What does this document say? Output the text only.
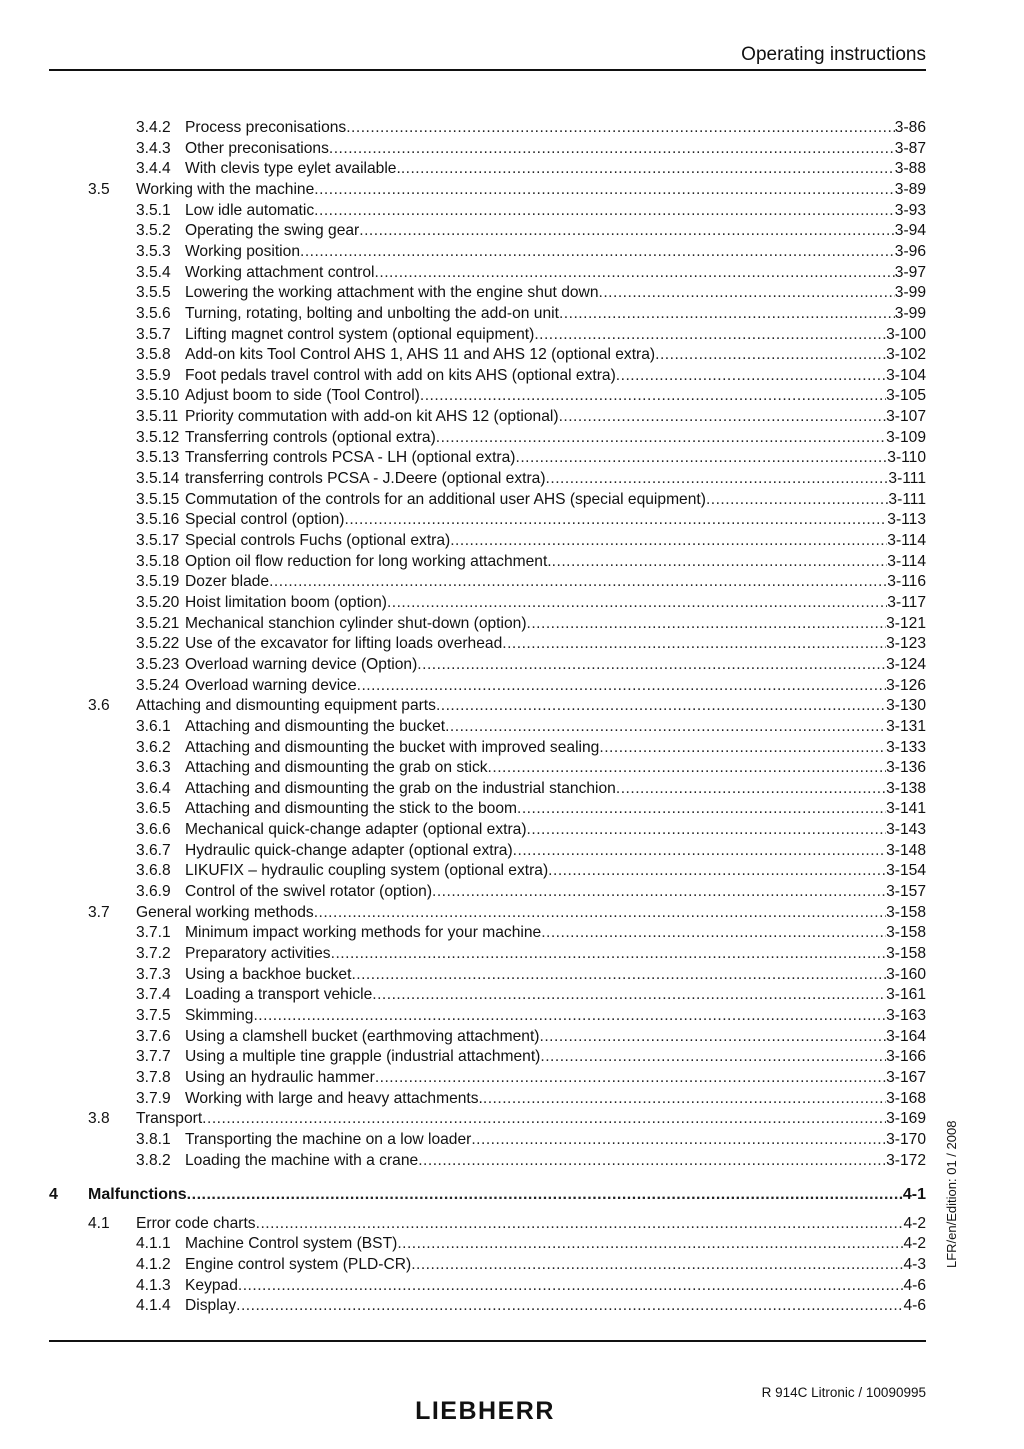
Operating instructions
3.4.2 Process preconisations .....	3-86
3.4.3 Other preconisations .....	3-87
3.4.4 With clevis type eylet available. .....	3-88
3.5 Working with the machine .....	3-89
3.5.1 Low idle automatic .....	3-93
3.5.2 Operating the swing gear .....	3-94
3.5.3 Working position .....	3-96
3.5.4 Working attachment control .....	3-97
3.5.5 Lowering the working attachment with the engine shut down .....	3-99
3.5.6 Turning, rotating, bolting and unbolting the add-on unit .....	3-99
3.5.7 Lifting magnet control system (optional equipment) .....	3-100
3.5.8 Add-on kits Tool Control AHS 1, AHS 11 and AHS 12 (optional extra) .....	3-102
3.5.9 Foot pedals travel control with add on kits AHS (optional extra) .....	3-104
3.5.10 Adjust boom to side (Tool Control) .....	3-105
3.5.11 Priority commutation with add-on kit AHS 12 (optional) .....	3-107
3.5.12 Transferring controls (optional extra) .....	3-109
3.5.13 Transferring controls PCSA - LH (optional extra) .....	3-110
3.5.14 transferring controls PCSA - J.Deere (optional extra) .....	3-111
3.5.15 Commutation of the controls for an additional user AHS (special equipment) .....	3-111
3.5.16 Special control (option) .....	3-113
3.5.17 Special controls Fuchs (optional extra) .....	3-114
3.5.18 Option oil flow reduction for long working attachment. .....	3-114
3.5.19 Dozer blade .....	3-116
3.5.20 Hoist limitation boom (option) .....	3-117
3.5.21 Mechanical stanchion cylinder shut-down (option) .....	3-121
3.5.22 Use of the excavator for lifting loads overhead .....	3-123
3.5.23 Overload warning device (Option) .....	3-124
3.5.24 Overload warning device .....	3-126
3.6 Attaching and dismounting equipment parts .....	3-130
3.6.1 Attaching and dismounting the bucket .....	3-131
3.6.2 Attaching and dismounting the bucket with improved sealing .....	3-133
3.6.3 Attaching and dismounting the grab on stick .....	3-136
3.6.4 Attaching and dismounting the grab on the industrial stanchion .....	3-138
3.6.5 Attaching and dismounting the stick to the boom .....	3-141
3.6.6 Mechanical quick-change adapter (optional extra) .....	3-143
3.6.7 Hydraulic quick-change adapter (optional extra) .....	3-148
3.6.8 LIKUFIX – hydraulic coupling system (optional extra) .....	3-154
3.6.9 Control of the swivel rotator (option) .....	3-157
3.7 General working methods .....	3-158
3.7.1 Minimum impact working methods for your machine .....	3-158
3.7.2 Preparatory activities .....	3-158
3.7.3 Using a backhoe bucket .....	3-160
3.7.4 Loading a transport vehicle .....	3-161
3.7.5 Skimming .....	3-163
3.7.6 Using a clamshell bucket (earthmoving attachment) .....	3-164
3.7.7 Using a multiple tine grapple (industrial attachment) .....	3-166
3.7.8 Using an hydraulic hammer .....	3-167
3.7.9 Working with large and heavy attachments. .....	3-168
3.8 Transport .....	3-169
3.8.1 Transporting the machine on a low loader .....	3-170
3.8.2 Loading the machine with a crane .....	3-172
4 Malfunctions .....	4-1
4.1 Error code charts .....	4-2
4.1.1 Machine Control system (BST) .....	4-2
4.1.2 Engine control system (PLD-CR) .....	4-3
4.1.3 Keypad .....	4-6
4.1.4 Display .....	4-6
LFR/en/Edition: 01 / 2008
LIEBHERR
R 914C Litronic / 10090995
